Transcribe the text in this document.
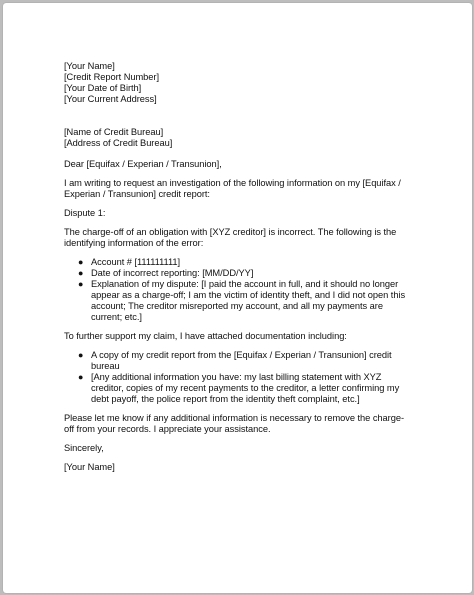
[Your Name]

[Credit Report Number]

[Your Date of Birth]

[Your Current Address]

[Name of Credit Bureau]

[Address of Credit Bureau]

Dear [Equifax / Experian / Transunion],

I am writing to request an investigation of the following information on my [Equifax / Experian / Transunion] credit report:

Dispute 1:

The charge-off of an obligation with [XYZ creditor] is incorrect. The following is the identifying information of the error:

● Account # [111111111]
● Date of incorrect reporting: [MM/DD/YY]
● Explanation of my dispute: [I paid the account in full, and it should no longer appear as a charge-off; I am the victim of identity theft, and I did not open this account; The creditor misreported my account, and all my payments are current; etc.]

To further support my claim, I have attached documentation including:

● A copy of my credit report from the [Equifax / Experian / Transunion] credit bureau
● [Any additional information you have: my last billing statement with XYZ creditor, copies of my recent payments to the creditor, a letter confirming my debt payoff, the police report from the identity theft complaint, etc.]

Please let me know if any additional information is necessary to remove the charge-off from your records. I appreciate your assistance.

Sincerely,

[Your Name]
